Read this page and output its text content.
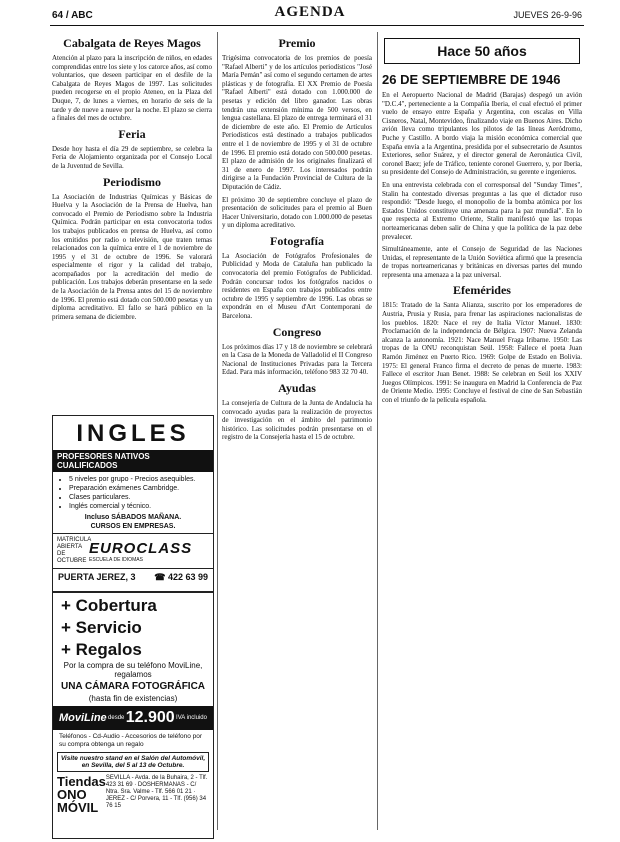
64 / ABC	AGENDA	JUEVES 26-9-96
Cabalgata de Reyes Magos

Atención al plazo para la inscripción de niños, en edades comprendidas entre los siete y los catorce años, así como voluntarios, que deseen participar en el desfile de la Cabalgata de Reyes Magos de 1997. Las solicitudes pueden recogerse en el propio Ateneo, en la Plaza del Duque, 7, de lunes a viernes, en horario de seis de la tarde y de nueve a nueve por la noche. El plazo se cierra a finales del mes de octubre.

Feria

Desde hoy hasta el día 29 de septiembre, se celebra la Feria de Alojamiento organizada por el Consejo Local de la Juventud de Sevilla.

Periodismo

La Asociación de Industrias Químicas y Básicas de Huelva y la Asociación de la Prensa de Huelva, han convocado el Premio de Periodismo sobre la Industria Química. Podrán participar en esta convocatoria todos los trabajos publicados en prensa de Huelva, así como los emitidos por radio o televisión, que traten temas relacionados con la química entre el 1 de noviembre de 1995 y el 31 de octubre de 1996. Se valorará especialmente el rigor y la calidad del trabajo, acompañados por la acreditación del medio de publicación. Los trabajos deberán presentarse en la sede de la Asociación de la Prensa antes del 15 de noviembre de 1996. El premio está dotado con 500.000 pesetas y un diploma acreditativo. El fallo se hará público en la primera semana de diciembre.

INGLES
PROFESORES NATIVOS CUALIFICADOS
• 5 niveles por grupo - Precios asequibles.
• Preparación exámenes Cambridge.
• Clases particulares.
• Inglés comercial y técnico.
Incluso SÁBADOS MAÑANA.
CURSOS EN EMPRESAS.
MATRICULA ABIERTA DE OCTUBRE
EUROCLASS
ESCUELA DE IDIOMAS
PUERTA JEREZ, 3 ☎ 422 63 99
+ Cobertura
+ Servicio
+ Regalos
Por la compra de su teléfono MoviLine, regalamos
UNA CÁMARA FOTOGRÁFICA
(hasta fin de existencias)
MoviLine desde 12.900 IVA incluido
Teléfonos - Cd-Audio - Accesorios de teléfono por su compra obtenga un regalo
Visite nuestro stand en el Salón del Automóvil, en Sevilla, del 5 al 13 de Octubre.
Tiendas ONO MÓVIL
SEVILLA - Avda. de la Buhaira, 2 - Tlf. 423 31 69 · DOSHERMANAS - C/ Ntra. Sra. Valme - Tlf. 566 01 21 · JEREZ - C/ Porvera, 11 - Tlf. (956) 34 76 15
Premio

Trigésima convocatoria de los premios de poesía "Rafael Alberti" y de los artículos periodísticos "José María Pemán" así como el segundo certamen de artes plásticas y de fotografía. El XX Premio de Poesía "Rafael Alberti" está dotado con 1.000.000 de pesetas y edición del libro ganador. Las obras tendrán una extensión mínima de 500 versos, en lengua castellana. El plazo de entrega terminará el 31 de diciembre de este año. El Premio de Artículos Periodísticos está destinado a trabajos publicados entre el 1 de noviembre de 1995 y el 31 de octubre de 1996. El premio está dotado con 500.000 pesetas. El plazo de admisión de los originales finalizará el 31 de enero de 1997. Los interesados podrán dirigirse a la Fundación Provincial de Cultura de la Diputación de Cádiz.

El próximo 30 de septiembre concluye el plazo de presentación de solicitudes para el premio al Buen Hacer Universitario, dotado con 1.000.000 de pesetas y un diploma acreditativo.

Fotografía

La Asociación de Fotógrafos Profesionales de Publicidad y Moda de Cataluña han publicado la convocatoria del premio Fotógrafos de Publicidad. Podrán concursar todos los fotógrafos nacidos o residentes en España con trabajos publicados entre octubre de 1995 y septiembre de 1996. Las obras se expondrán en el Museu d'Art Contemporani de Barcelona.

Congreso

Los próximos días 17 y 18 de noviembre se celebrará en la Casa de la Moneda de Valladolid el II Congreso Nacional de Instituciones Privadas para la Tercera Edad. Para más información, teléfono 983 32 70 40.

Ayudas

La consejería de Cultura de la Junta de Andalucía ha convocado ayudas para la realización de proyectos de investigación en el ámbito del patrimonio histórico. Las solicitudes podrán presentarse en el registro de la Consejería hasta el 15 de octubre.

Hace 50 años
26 DE SEPTIEMBRE DE 1946

En el Aeropuerto Nacional de Madrid (Barajas) despegó un avión "D.C.4", perteneciente a la Compañía Iberia, el cual efectuó el primer vuelo de ensayo entre España y Argentina, con escalas en Villa Cisneros, Natal, Montevideo, finalizando viaje en Buenos Aires. Dicho avión lleva como tripulantes los pilotos de las líneas Aeródromo, Puche y Castillo. A bordo viaja la misión económica comercial que España envía a la Argentina, presidida por el subsecretario de Asuntos Exteriores, señor Suárez, y el director general de Aeronáutica Civil, coronel Baez; jefe de Tráfico, teniente coronel Guerrero, y, por Iberia, su presidente del Consejo de Administración, su gerente e ingenieros.

En una entrevista celebrada con el corresponsal del "Sunday Times", Stalin ha contestado diversas preguntas a las que el dictador ruso respondió: "Desde luego, el monopolio de la bomba atómica por los Estados Unidos constituye una amenaza para la paz mundial". En lo que respecta al Extremo Oriente, Stalin manifestó que las tropas norteamericanas deben salir de China y que la política de la paz debe prevalecer.

Simultáneamente, ante el Consejo de Seguridad de las Naciones Unidas, el representante de la Unión Soviética afirmó que la presencia de tropas norteamericanas y británicas en diversas partes del mundo representa una amenaza a la paz universal.

Efemérides

1815: Tratado de la Santa Alianza, suscrito por los emperadores de Austria, Prusia y Rusia, para frenar las aspiraciones nacionalistas de los pueblos. 1820: Nace el rey de Italia Víctor Manuel. 1830: Proclamación de la independencia de Bélgica. 1907: Nueva Zelanda alcanza la autonomía. 1921: Nace Manuel Fraga Iribarne. 1950: Las tropas de la ONU reconquistan Seúl. 1958: Fallece el poeta Juan Ramón Jiménez en Puerto Rico. 1969: Golpe de Estado en Bolivia. 1975: El general Franco firma el decreto de penas de muerte. 1983: Fallece el escritor Juan Benet. 1988: Se celebran en Seúl los XXIV Juegos Olímpicos. 1991: Se inaugura en Madrid la Conferencia de Paz de Oriente Medio. 1995: Concluye el festival de cine de San Sebastián con el triunfo de la película española.
